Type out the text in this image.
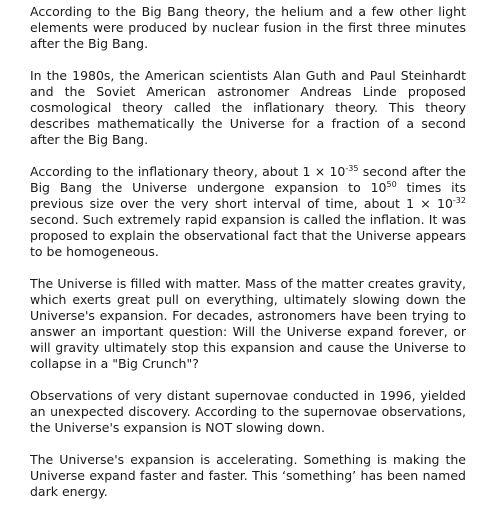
According to the Big Bang theory, the helium and a few other light elements were produced by nuclear fusion in the first three minutes after the Big Bang.

In the 1980s, the American scientists Alan Guth and Paul Steinhardt and the Soviet American astronomer Andreas Linde proposed cosmological theory called the inflationary theory. This theory describes mathematically the Universe for a fraction of a second after the Big Bang.

According to the inflationary theory, about $1 \times 10^{-35}$ second after the Big Bang the Universe undergone expansion to $10^{50}$ times its previous size over the very short interval of time, about $1 \times 10^{-32}$ second. Such extremely rapid expansion is called the inflation. It was proposed to explain the observational fact that the Universe appears to be homogeneous.

The Universe is filled with matter. Mass of the matter creates gravity, which exerts great pull on everything, ultimately slowing down the Universe's expansion. For decades, astronomers have been trying to answer an important question: Will the Universe expand forever, or will gravity ultimately stop this expansion and cause the Universe to collapse in a "Big Crunch"?

Observations of very distant supernovae conducted in 1996, yielded an unexpected discovery. According to the supernovae observations, the Universe's expansion is NOT slowing down.

The Universe's expansion is accelerating. Something is making the Universe expand faster and faster. This ‘something’ has been named dark energy.
